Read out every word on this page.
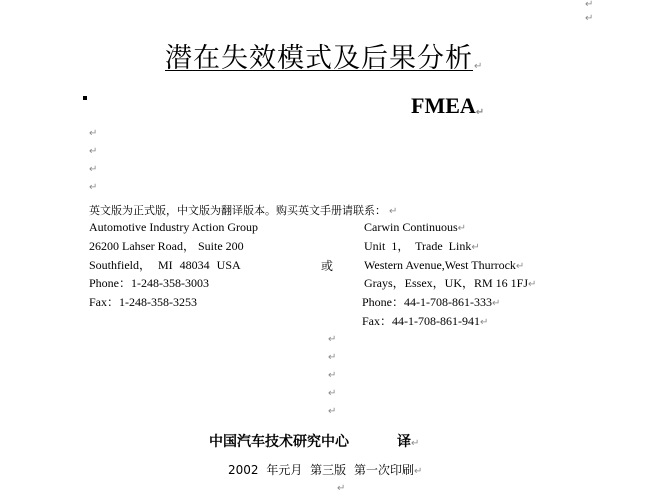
↵
↵
潜在失效模式及后果分析↵
FMEA↵
↵
↵
↵
↵
英文版为正式版，中文版为翻译版本。购买英文手册请联系： ↵
Automotive Industry Action Group
26200 Lahser Road， Suite 200
Southfield， MI 48034 USA
Phone：1-248-358-3003
Fax：1-248-358-3253
或
Carwin Continuous↵
Unit 1， Trade Link↵
Western Avenue,West Thurrock↵
Grays，Essex，UK，RM 16 1FJ↵
Phone：44-1-708-861-333↵
Fax：44-1-708-861-941↵
↵
↵
↵
↵
↵
中国汽车技术研究中心	译↵
2002 年元月 第三版 第一次印刷↵
↵
